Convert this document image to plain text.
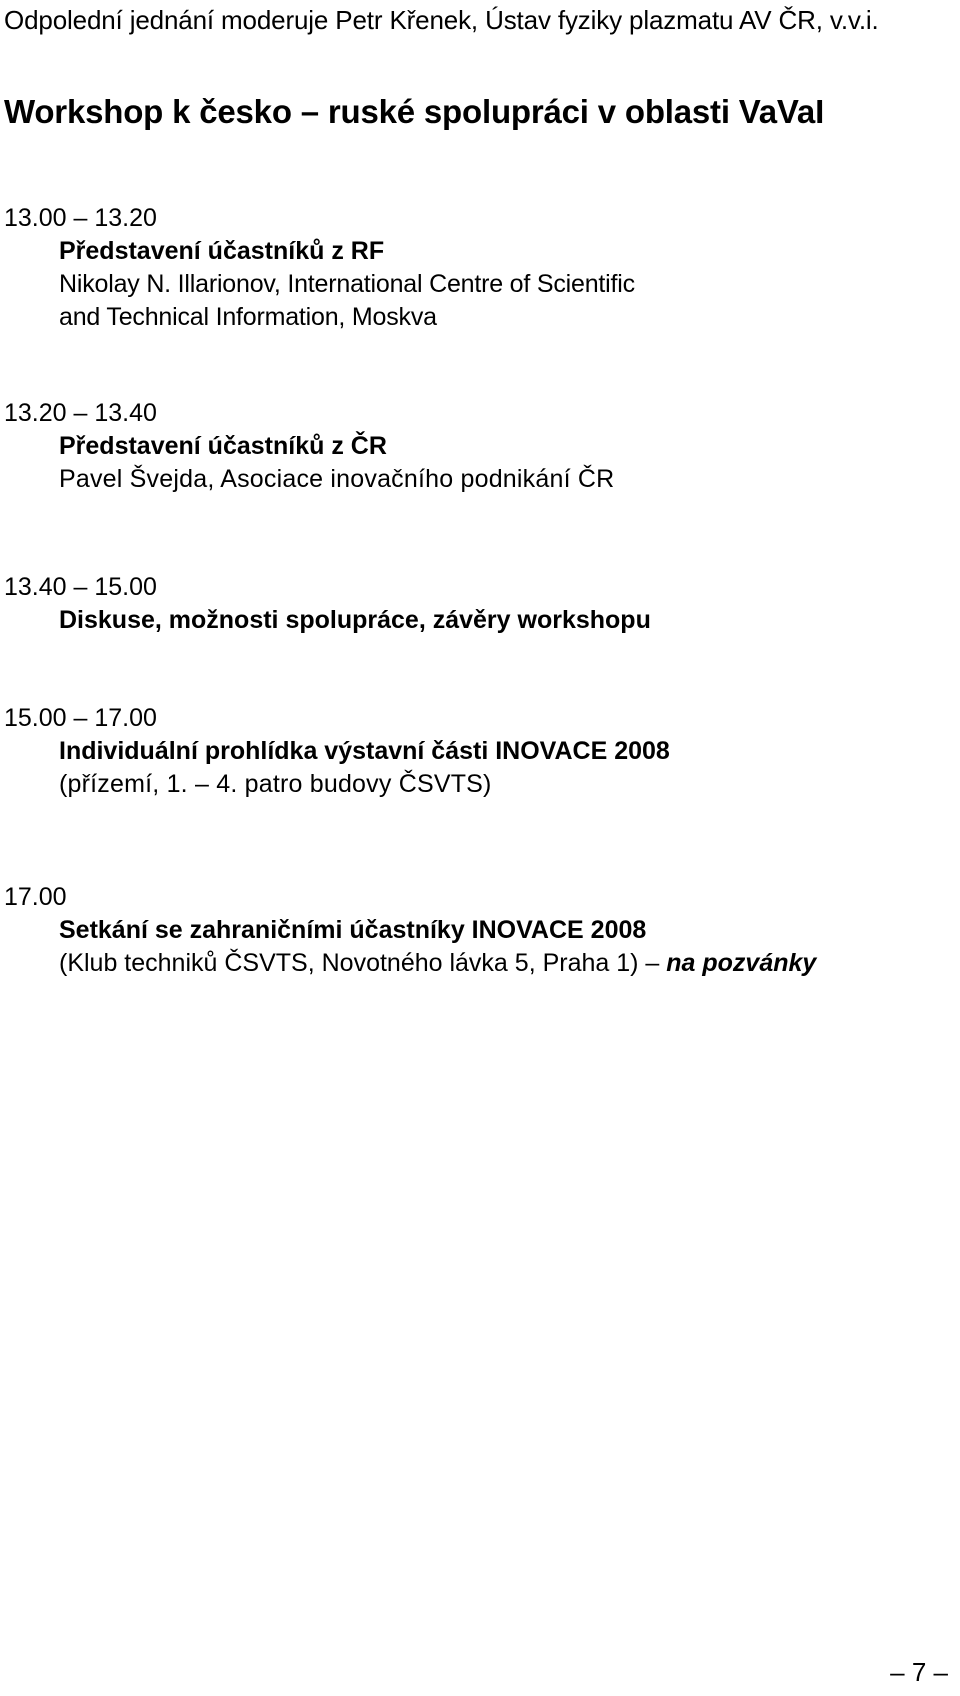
Odpolední jednání moderuje Petr Křenek, Ústav fyziky plazmatu AV ČR, v.v.i.
Workshop k česko – ruské spolupráci v oblasti VaVaI
13.00 – 13.20
Představení účastníků z RF
Nikolay N. Illarionov, International Centre of Scientific
and Technical Information, Moskva
13.20 – 13.40
Představení účastníků z ČR
Pavel Švejda, Asociace inovačního podnikání ČR
13.40 – 15.00
Diskuse, možnosti spolupráce, závěry workshopu
15.00 – 17.00
Individuální prohlídka výstavní části INOVACE 2008
(přízemí, 1. – 4. patro budovy ČSVTS)
17.00
Setkání se zahraničními účastníky INOVACE 2008
(Klub techniků ČSVTS, Novotného lávka 5, Praha 1) – na pozvánky
– 7 –
